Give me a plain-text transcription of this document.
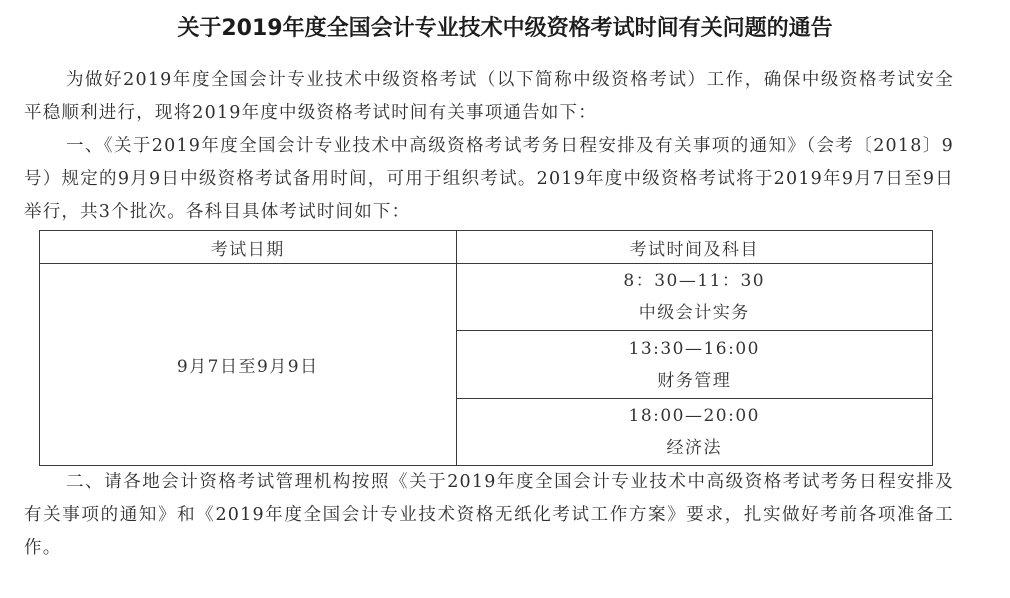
关于2019年度全国会计专业技术中级资格考试时间有关问题的通告

为做好2019年度全国会计专业技术中级资格考试（以下简称中级资格考试）工作，确保中级资格考试安全平稳顺利进行，现将2019年度中级资格考试时间有关事项通告如下：

一、《关于2019年度全国会计专业技术中高级资格考试考务日程安排及有关事项的通知》（会考〔2018〕9号）规定的9月9日中级资格考试备用时间，可用于组织考试。2019年度中级资格考试将于2019年9月7日至9日举行，共3个批次。各科目具体考试时间如下：

考试日期	考试时间及科目
9月7日至9月9日	8：30—11：30
中级会计实务

	13:30—16:00
财务管理

	18:00—20:00
经济法

二、请各地会计资格考试管理机构按照《关于2019年度全国会计专业技术中高级资格考试考务日程安排及有关事项的通知》和《2019年度全国会计专业技术资格无纸化考试工作方案》要求，扎实做好考前各项准备工作。
